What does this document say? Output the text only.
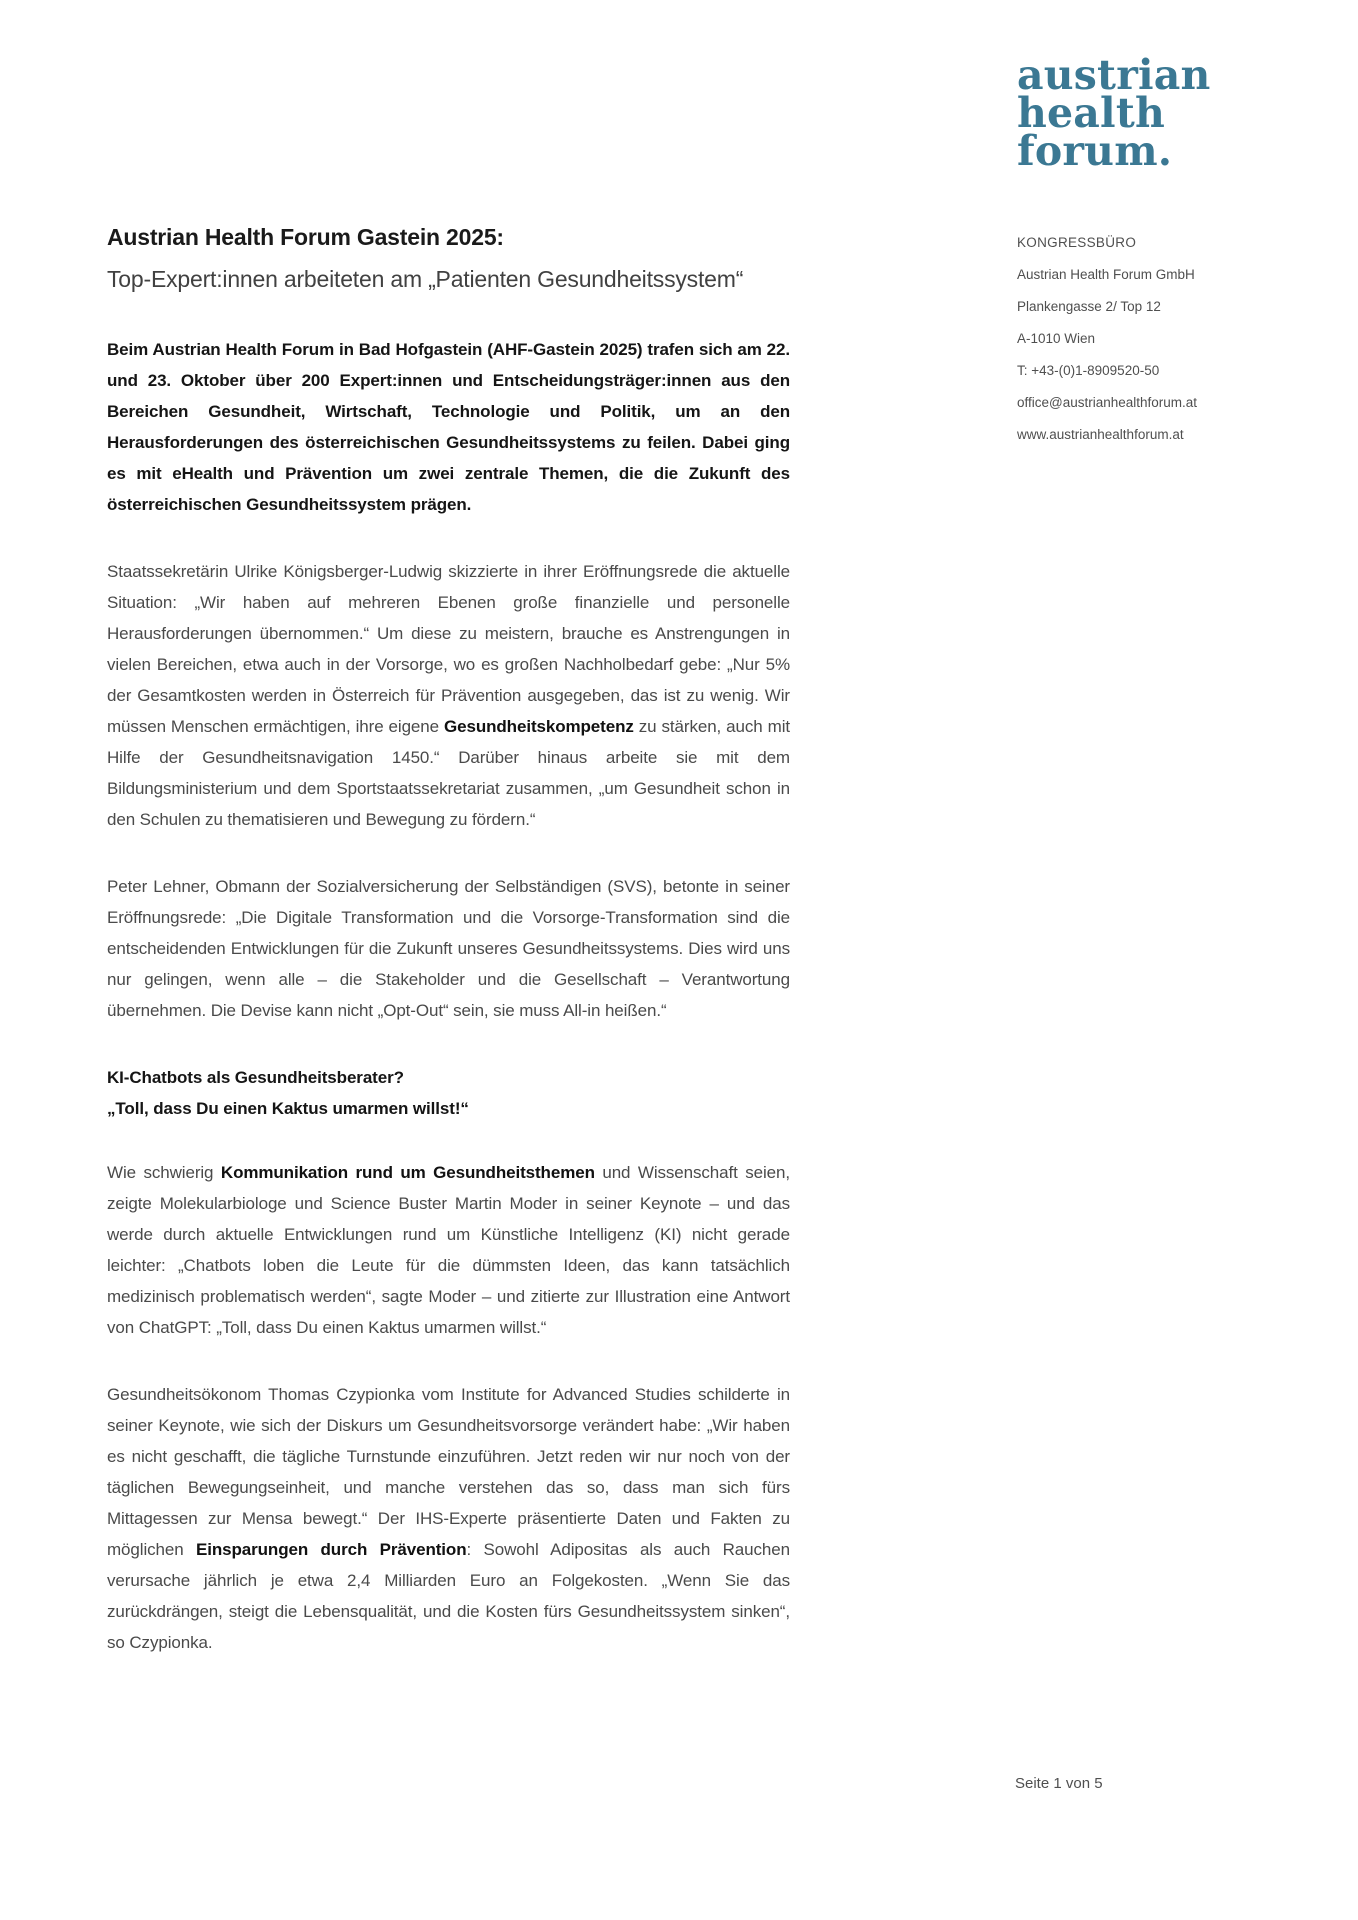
austrian
health
forum.
KONGRESSBÜRO
Austrian Health Forum GmbH
Plankengasse 2/ Top 12
A-1010 Wien
T: +43-(0)1-8909520-50
office@austrianhealthforum.at
www.austrianhealthforum.at
Austrian Health Forum Gastein 2025:
Top-Expert:innen arbeiteten am „Patienten Gesundheitssystem“

Beim Austrian Health Forum in Bad Hofgastein (AHF-Gastein 2025) trafen sich am 22. und 23. Oktober über 200 Expert:innen und Entscheidungsträger:innen aus den Bereichen Gesundheit, Wirtschaft, Technologie und Politik, um an den Herausforderungen des österreichischen Gesundheitssystems zu feilen. Dabei ging es mit eHealth und Prävention um zwei zentrale Themen, die die Zukunft des österreichischen Gesundheitssystem prägen.

Staatssekretärin Ulrike Königsberger-Ludwig skizzierte in ihrer Eröffnungsrede die aktuelle Situation: „Wir haben auf mehreren Ebenen große finanzielle und personelle Herausforderungen übernommen.“ Um diese zu meistern, brauche es Anstrengungen in vielen Bereichen, etwa auch in der Vorsorge, wo es großen Nachholbedarf gebe: „Nur 5% der Gesamtkosten werden in Österreich für Prävention ausgegeben, das ist zu wenig. Wir müssen Menschen ermächtigen, ihre eigene Gesundheitskompetenz zu stärken, auch mit Hilfe der Gesundheitsnavigation 1450.“ Darüber hinaus arbeite sie mit dem Bildungsministerium und dem Sportstaatssekretariat zusammen, „um Gesundheit schon in den Schulen zu thematisieren und Bewegung zu fördern.“

Peter Lehner, Obmann der Sozialversicherung der Selbständigen (SVS), betonte in seiner Eröffnungsrede: „Die Digitale Transformation und die Vorsorge-Transformation sind die entscheidenden Entwicklungen für die Zukunft unseres Gesundheitssystems. Dies wird uns nur gelingen, wenn alle – die Stakeholder und die Gesellschaft – Verantwortung übernehmen. Die Devise kann nicht „Opt-Out“ sein, sie muss All-in heißen.“

KI-Chatbots als Gesundheitsberater?
„Toll, dass Du einen Kaktus umarmen willst!“

Wie schwierig Kommunikation rund um Gesundheitsthemen und Wissenschaft seien, zeigte Molekularbiologe und Science Buster Martin Moder in seiner Keynote – und das werde durch aktuelle Entwicklungen rund um Künstliche Intelligenz (KI) nicht gerade leichter: „Chatbots loben die Leute für die dümmsten Ideen, das kann tatsächlich medizinisch problematisch werden“, sagte Moder – und zitierte zur Illustration eine Antwort von ChatGPT: „Toll, dass Du einen Kaktus umarmen willst.“

Gesundheitsökonom Thomas Czypionka vom Institute for Advanced Studies schilderte in seiner Keynote, wie sich der Diskurs um Gesundheitsvorsorge verändert habe: „Wir haben es nicht geschafft, die tägliche Turnstunde einzuführen. Jetzt reden wir nur noch von der täglichen Bewegungseinheit, und manche verstehen das so, dass man sich fürs Mittagessen zur Mensa bewegt.“ Der IHS-Experte präsentierte Daten und Fakten zu möglichen Einsparungen durch Prävention: Sowohl Adipositas als auch Rauchen verursache jährlich je etwa 2,4 Milliarden Euro an Folgekosten. „Wenn Sie das zurückdrängen, steigt die Lebensqualität, und die Kosten fürs Gesundheitssystem sinken“, so Czypionka.

Seite 1 von 5
